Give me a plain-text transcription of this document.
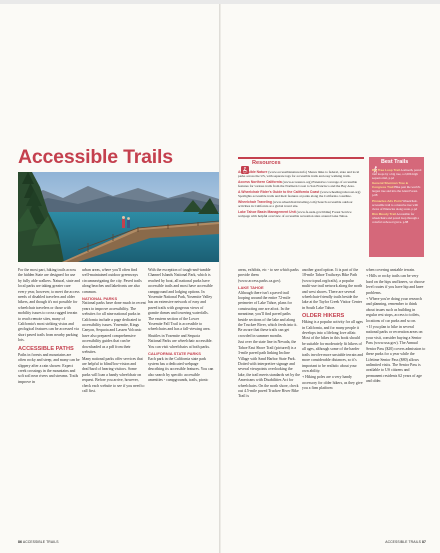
Accessible Trails

For the most part, hiking trails across the hidden State are designed for use by fully able walkers. Natural, state and local parks are taking greater care every year, however, to meet the access needs of disabled travelers and older hikers, and though it's not possible for wheelchair travelers or those with mobility issues to cross rugged terrain to reach remote sites, many of California's most striking vistas and geological features can be accessed via short paved trails from nearby parking lots.

ACCESSIBLE PATHS

Paths in forests and mountains are often rocky and steep, and many can be slippery after a rain shower. Expect creek crossings in the mountains and soft soil near rivers and streams. Trails improve in

urban areas, where you'll often find well-maintained outdoor greenways circumnavigating the city. Paved trails along beaches and lakefronts are also common.

NATIONAL PARKS

National parks have done much in recent years to improve accessibility. The websites for all nine national parks in California include a page dedicated to accessibility issues. Yosemite, Kings Canyon, Sequoia and Lassen Volcanic have also prepared comprehensive accessibility guides that can be downloaded as a pdf from their websites.

Many national parks offer services that are helpful to blind/low-vision and deaf/hard of hearing visitors. Some parks will loan a handy wheelchair on request. Before you arrive, however, check each website to see if you need to call first.

With the exception of tough-and-tumble Channel Islands National Park, which is reached by boat, all national parks have accessible trails and most have accessible campground and lodging options. In Yosemite National Park, Yosemite Valley has an extensive network of easy and paved trails with gorgeous views of granite domes and towering waterfalls. The eastern section of the Lower Yosemite Fall Trail is accessible to wheelchairs and has a fall-viewing area.

Shuttles in Yosemite and Sequoia National Parks are wheelchair accessible. You can visit wheelchairs at both parks.

CALIFORNIA STATE PARKS

Each park in the California state park system has a dedicated webpage describing its accessible features. You can also search by specific accessible amenities - campgrounds, trails, picnic

areas, exhibits, etc - to see which parks provide them (www.access.parks.ca.gov).

LAKE TAHOE

Although there isn't a paved trail looping around the entire 72-mile perimeter of Lake Tahoe, plans for constructing one are afoot. In the meantime, you'll find paved paths beside sections of the lake and along the Truckee River, which feeds into it. Be aware that these trails can get crowded in summer months.

Just over the state line in Nevada, the Tahoe East Shore Trail (pictured) is a 3-mile paved path linking Incline Village with Sand Harbor State Park. Dotted with interpretive signage and several viewpoints overlooking the lake, the trail meets standards set by the Americans with Disabilities Act for wheelchairs. On the north shore, check out 4.5-mile paved Truckee River Bike Trail is

another good option. It is part of the 18-mile Tahoe Trailways Bike Path (www.tcpud.org/trails), a popular multi-use trail network along the north and west shores. There are several wheelchair-friendly trails beside the lake at the Taylor Creek Visitor Center in South Lake Tahoe.

OLDER HIKERS

Hiking is a popular activity for all ages in California, and for many people it develops into a lifelong love affair. Most of the hikes in this book should be suitable for moderately fit hikers of all ages, although some of the harder trails involve more unstable terrain and more considerable distances, so it's important to be realistic about your own ability.

+ Hiking poles are a very handy accessory for older hikers, as they give you a firm platform

when covering unstable terrain.

+ Hills or rocky trails can be very hard on the hips and knees, so choose level routes if you have hip and knee problems.

+ Where you're doing your research and planning, remember to think about issues such as building in regular rest stops, access to toilets, locations of car parks and so on.

+ If you plan to hike in several national parks or recreation areas on your visit, consider buying a Senior Pass (www.usa.gov). The Annual Senior Pass ($20) covers admission to these parks for a year while the Lifetime Senior Pass ($80) allows unlimited visits. The Senior Pass is available to US citizens and permanent residents 62 years of age and older.

Resources

Accessible Nature (www.accessiblenature.info) Shares links to federal, state and local parks across the US, with separate tags for accessible trails and easy walking trails.

Access Northern California (www.accessnca.org) Extensive coverage of accessible features for various trails from the Northern Coast to San Francisco and the Bay Area.

A Wheelchair Rider's Guide to the California Coast (www.wheelingcalscoast.org) Spotlights accessible trails and their features at parks along the California coastline.

Wheelchair Traveling (www.wheelchairtraveling.com) Search accessible outdoor activities in California at a global travel site.

Lake Tahoe Basin Management Unit (www.fs.usda.gov/ltbmu) Forest Service webpage with helpful overview of accessible recreation sites around Lake Tahoe.

Best Trails

Big Tree Loop Trail A smooth, paved trail loops by a big tree, a 2,000-high sequoia mid, p.pd

General Sherman Tree & Congress Trail Hike past the world's largest tree and into the Giant Forest. p.68

Pinnacles Adv Point Wheelchair-accessible trail to a massive tree with views of Pinnacles along route. p.pd

Rim Moody Trail Accessible for wheelchairs and paved loop through a colorful redwood grove. p.88

86 ACCESSIBLE TRAILS	ACCESSIBLE TRAILS 87
